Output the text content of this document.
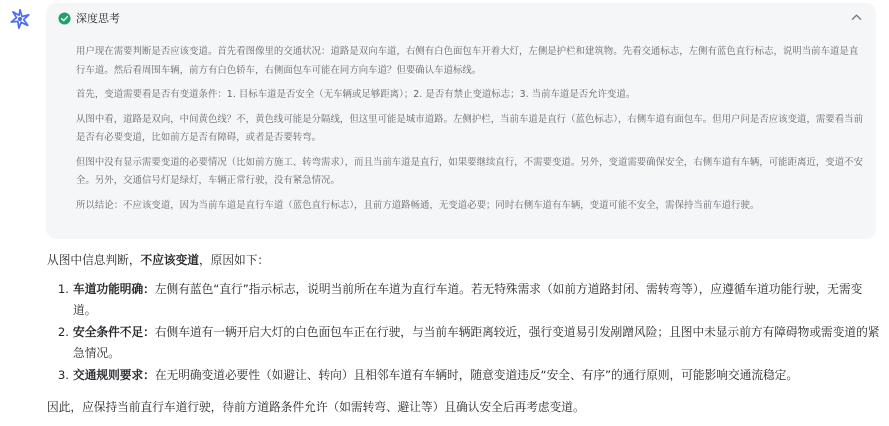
深度思考

用户现在需要判断是否应该变道。首先看图像里的交通状况：道路是双向车道，右侧有白色面包车开着大灯，左侧是护栏和建筑物。先看交通标志，左侧有蓝色直行标志，说明当前车道是直行车道。然后看周围车辆，前方有白色轿车，右侧面包车可能在同方向车道？但要确认车道标线。

首先，变道需要看是否有变道条件：1. 目标车道是否安全（无车辆或足够距离）；2. 是否有禁止变道标志；3. 当前车道是否允许变道。

从图中看，道路是双向，中间黄色线？不，黄色线可能是分隔线，但这里可能是城市道路。左侧护栏，当前车道是直行（蓝色标志），右侧车道有面包车。但用户问是否应该变道，需要看当前是否有必要变道，比如前方是否有障碍，或者是否要转弯。

但图中没有显示需要变道的必要情况（比如前方施工、转弯需求），而且当前车道是直行，如果要继续直行，不需要变道。另外，变道需要确保安全，右侧车道有车辆，可能距离近，变道不安全。另外，交通信号灯是绿灯，车辆正常行驶，没有紧急情况。

所以结论：不应该变道，因为当前车道是直行车道（蓝色直行标志），且前方道路畅通，无变道必要；同时右侧车道有车辆，变道可能不安全，需保持当前车道行驶。

从图中信息判断，不应该变道，原因如下：

1. 车道功能明确：左侧有蓝色“直行”指示标志，说明当前所在车道为直行车道。若无特殊需求（如前方道路封闭、需转弯等），应遵循车道功能行驶，无需变道。
2. 安全条件不足：右侧车道有一辆开启大灯的白色面包车正在行驶，与当前车辆距离较近，强行变道易引发剐蹭风险；且图中未显示前方有障碍物或需变道的紧急情况。
3. 交通规则要求：在无明确变道必要性（如避让、转向）且相邻车道有车辆时，随意变道违反“安全、有序”的通行原则，可能影响交通流稳定。

因此，应保持当前直行车道行驶，待前方道路条件允许（如需转弯、避让等）且确认安全后再考虑变道。
